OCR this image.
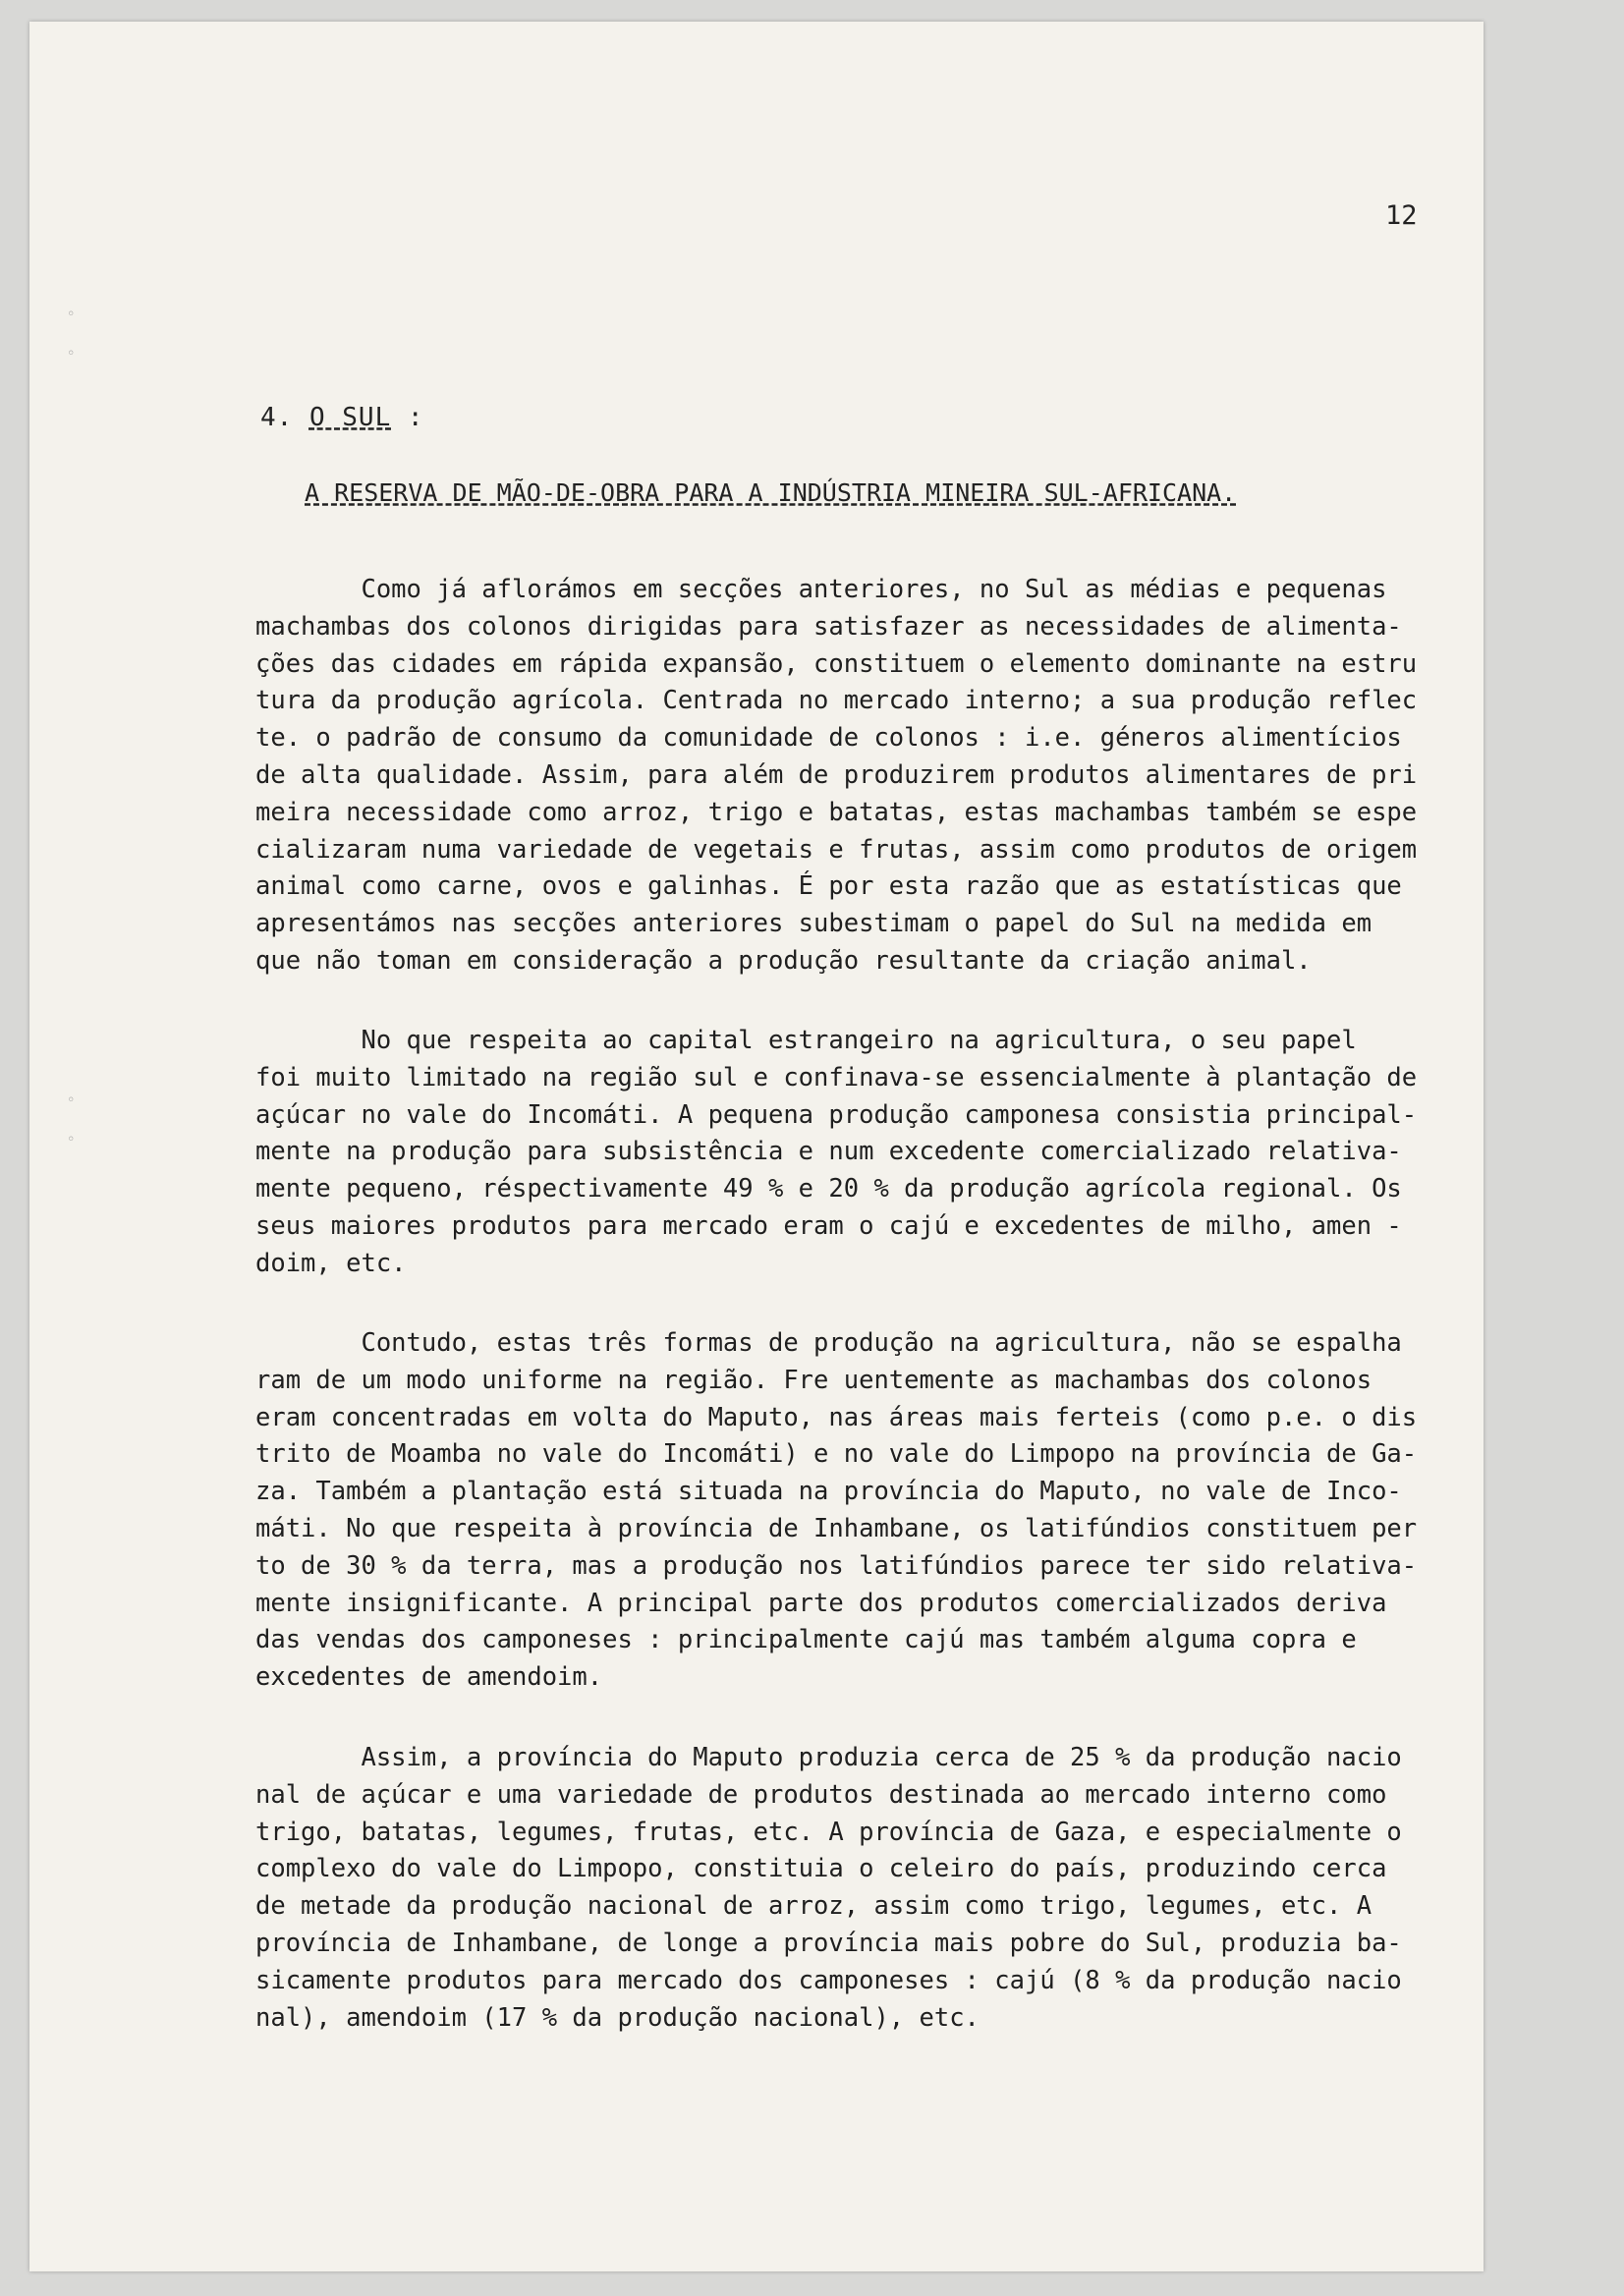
12
4. O SUL :
A RESERVA DE MÃO-DE-OBRA PARA A INDÚSTRIA MINEIRA SUL-AFRICANA.
Como já aflorámos em secções anteriores, no Sul as médias e pequenas
machambas dos colonos dirigidas para satisfazer as necessidades de alimenta-
ções das cidades em rápida expansão, constituem o elemento dominante na estru
tura da produção agrícola. Centrada no mercado interno; a sua produção reflec
te. o padrão de consumo da comunidade de colonos : i.e. géneros alimentícios
de alta qualidade. Assim, para além de produzirem produtos alimentares de pri
meira necessidade como arroz, trigo e batatas, estas machambas também se espe
cializaram numa variedade de vegetais e frutas, assim como produtos de origem
animal como carne, ovos e galinhas. É por esta razão que as estatísticas que
apresentámos nas secções anteriores subestimam o papel do Sul na medida em
que não toman em consideração a produção resultante da criação animal.
No que respeita ao capital estrangeiro na agricultura, o seu papel
foi muito limitado na região sul e confinava-se essencialmente à plantação de
açúcar no vale do Incomáti. A pequena produção camponesa consistia principal-
mente na produção para subsistência e num excedente comercializado relativa-
mente pequeno, réspectivamente 49 % e 20 % da produção agrícola regional. Os
seus maiores produtos para mercado eram o cajú e excedentes de milho, amen -
doim, etc.
Contudo, estas três formas de produção na agricultura, não se espalha
ram de um modo uniforme na região. Fre uentemente as machambas dos colonos
eram concentradas em volta do Maputo, nas áreas mais ferteis (como p.e. o dis
trito de Moamba no vale do Incomáti) e no vale do Limpopo na província de Ga-
za. Também a plantação está situada na província do Maputo, no vale de Inco-
máti. No que respeita à província de Inhambane, os latifúndios constituem per
to de 30 % da terra, mas a produção nos latifúndios parece ter sido relativa-
mente insignificante. A principal parte dos produtos comercializados deriva
das vendas dos camponeses : principalmente cajú mas também alguma copra e
excedentes de amendoim.
Assim, a província do Maputo produzia cerca de 25 % da produção nacio
nal de açúcar e uma variedade de produtos destinada ao mercado interno como
trigo, batatas, legumes, frutas, etc. A província de Gaza, e especialmente o
complexo do vale do Limpopo, constituia o celeiro do país, produzindo cerca
de metade da produção nacional de arroz, assim como trigo, legumes, etc. A
província de Inhambane, de longe a província mais pobre do Sul, produzia ba-
sicamente produtos para mercado dos camponeses : cajú (8 % da produção nacio
nal), amendoim (17 % da produção nacional), etc.
◦
◦
◦
◦
